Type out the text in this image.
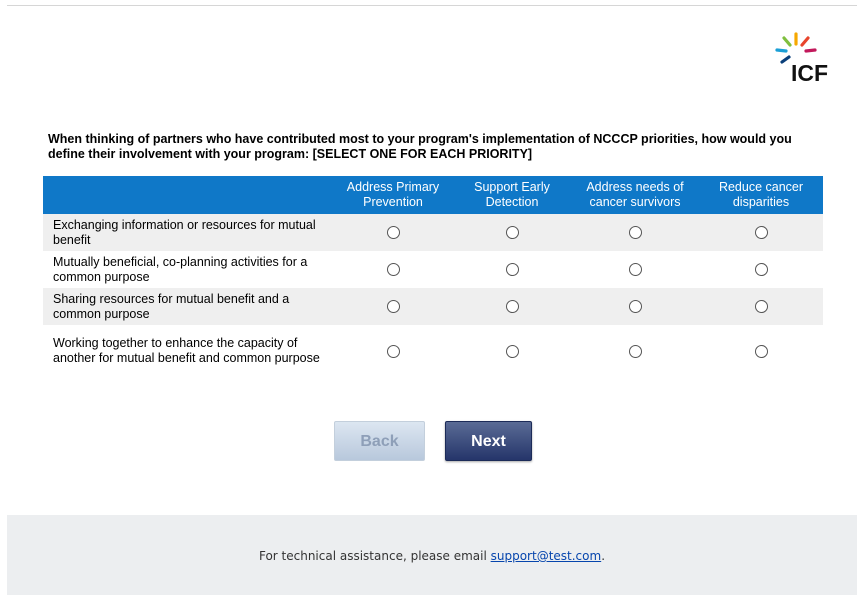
ICF
When thinking of partners who have contributed most to your program's implementation of NCCCP priorities, how would you define their involvement with your program: [SELECT ONE FOR EACH PRIORITY]
	Address Primary Prevention	Support Early Detection	Address needs of cancer survivors	Reduce cancer disparities
Exchanging information or resources for mutual benefit				
Mutually beneficial, co-planning activities for a common purpose				
Sharing resources for mutual benefit and a common purpose				
Working together to enhance the capacity of another for mutual benefit and common purpose				
Back	Next
For technical assistance, please email support@test.com.
